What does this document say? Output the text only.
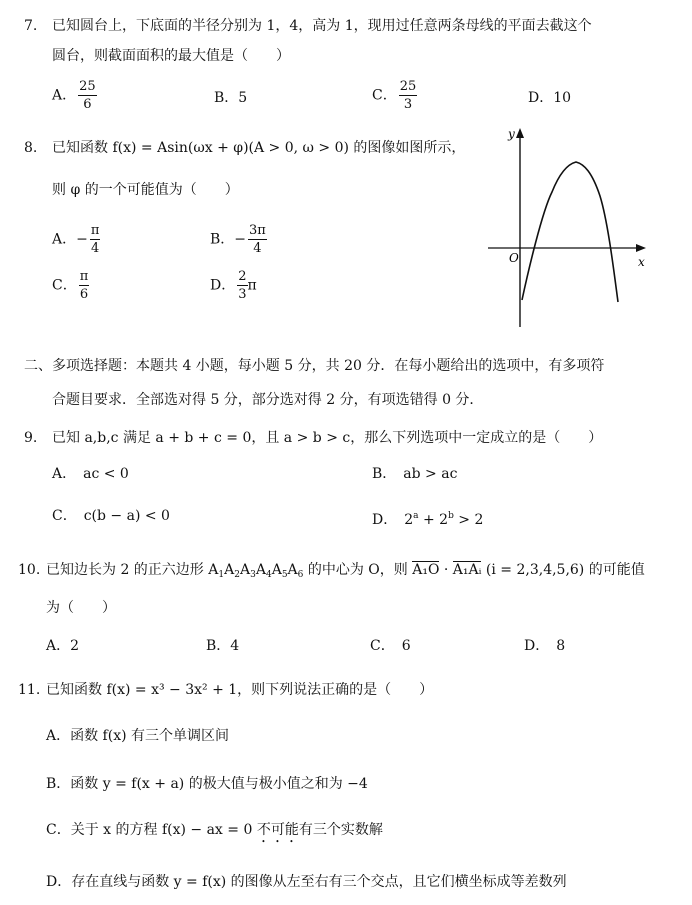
7. 已知圆台上，下底面的半径分别为 1，4，高为 1，现用过任意两条母线的平面去截这个
圆台，则截面面积的最大值是（　　）
A． $\frac{25}{6}$	B．5	C． $\frac{25}{3}$	D．10
8. 已知函数 f(x) = Asin(ωx + φ)(A > 0, ω > 0) 的图像如图所示，
则 φ 的一个可能值为（　　）
A．− $\frac{\pi}{4}$	B．− $\frac{3\pi}{4}$
C． $\frac{\pi}{6}$	D． $\frac{2}{3}$ π
y
x
O
二、多项选择题：本题共 4 小题，每小题 5 分，共 20 分．在每小题给出的选项中，有多项符
合题目要求．全部选对得 5 分，部分选对得 2 分，有项选错得 0 分．
9. 已知 a,b,c 满足 a + b + c = 0，且 a > b > c，那么下列选项中一定成立的是（　　）
A．　ac < 0	B．　ab > ac
C．　c(b − a) < 0	D．　$2^a + 2^b > 2$
10. 已知边长为 2 的正六边形 $A_1A_2A_3A_4A_5A_6$ 的中心为 O，则 A₁O · A₁Aᵢ (i = 2,3,4,5,6) 的可能值
为（　　）
A．2	B．4	C．　6	D．　8
11. 已知函数 f(x) = x³ − 3x² + 1，则下列说法正确的是（　　）
A．函数 f(x) 有三个单调区间
B．函数 y = f(x + a) 的极大值与极小值之和为 −4
C．关于 x 的方程 f(x) − ax = 0 不可能有三个实数解
D．存在直线与函数 y = f(x) 的图像从左至右有三个交点，且它们横坐标成等差数列
